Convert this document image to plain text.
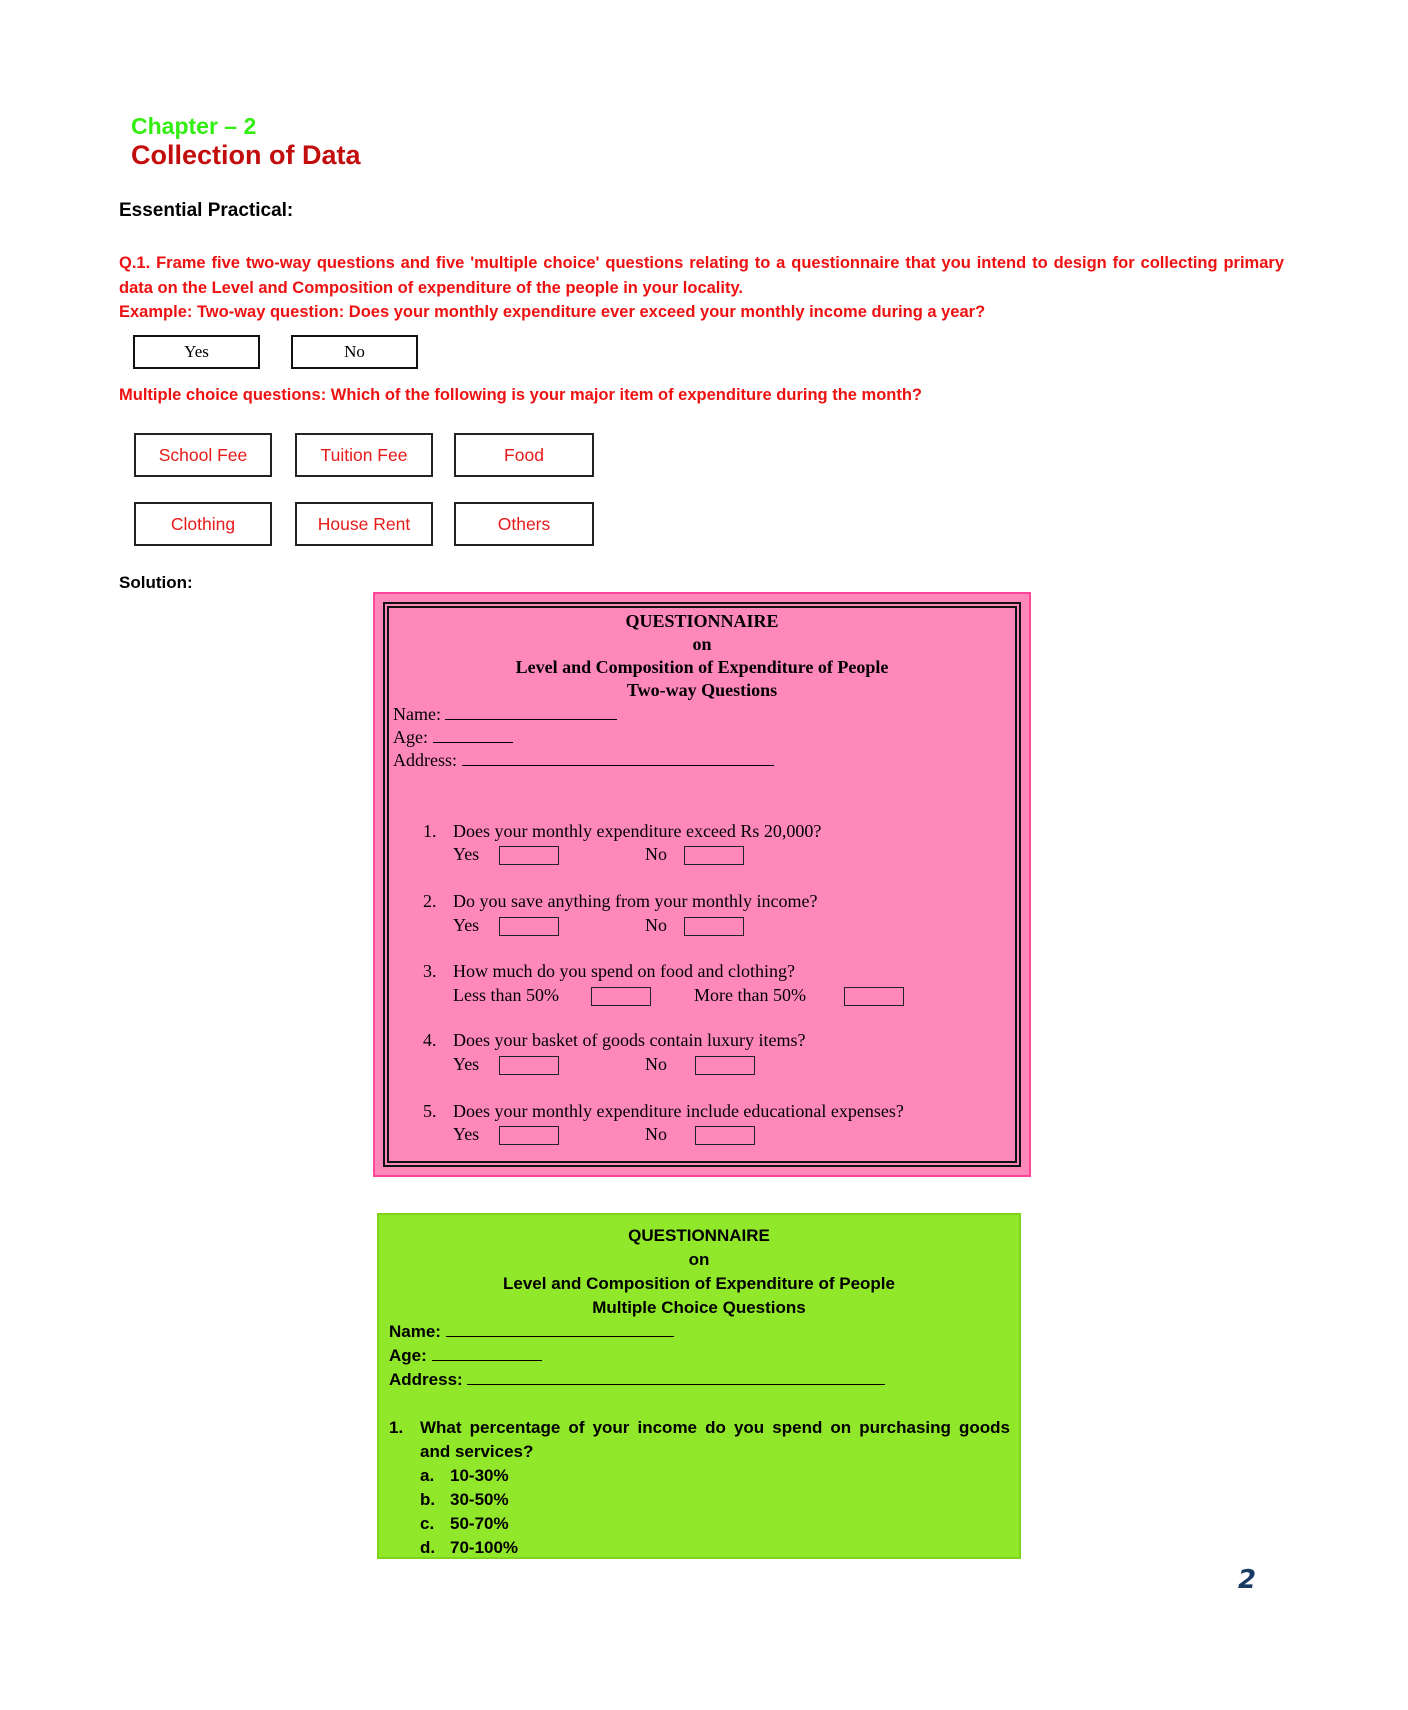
Chapter – 2
Collection of Data
Essential Practical:
Q.1. Frame five two-way questions and five 'multiple choice' questions relating to a questionnaire that you intend to design for collecting primary data on the Level and Composition of expenditure of the people in your locality.
Example: Two-way question: Does your monthly expenditure ever exceed your monthly income during a year?
Yes	No
Multiple choice questions: Which of the following is your major item of expenditure during the month?
School Fee	Tuition Fee	Food
Clothing	House Rent	Others
Solution:
QUESTIONNAIRE
on
Level and Composition of Expenditure of People
Two-way Questions
Name:
Age:
Address:
1. Does your monthly expenditure exceed Rs 20,000?
Yes	No
2. Do you save anything from your monthly income?
Yes	No
3. How much do you spend on food and clothing?
Less than 50%	More than 50%
4. Does your basket of goods contain luxury items?
Yes	No
5. Does your monthly expenditure include educational expenses?
Yes	No
QUESTIONNAIRE
on
Level and Composition of Expenditure of People
Multiple Choice Questions
Name:
Age:
Address:
1. What percentage of your income do you spend on purchasing goods
and services?
a. 10-30%
b. 30-50%
c. 50-70%
d. 70-100%
2
